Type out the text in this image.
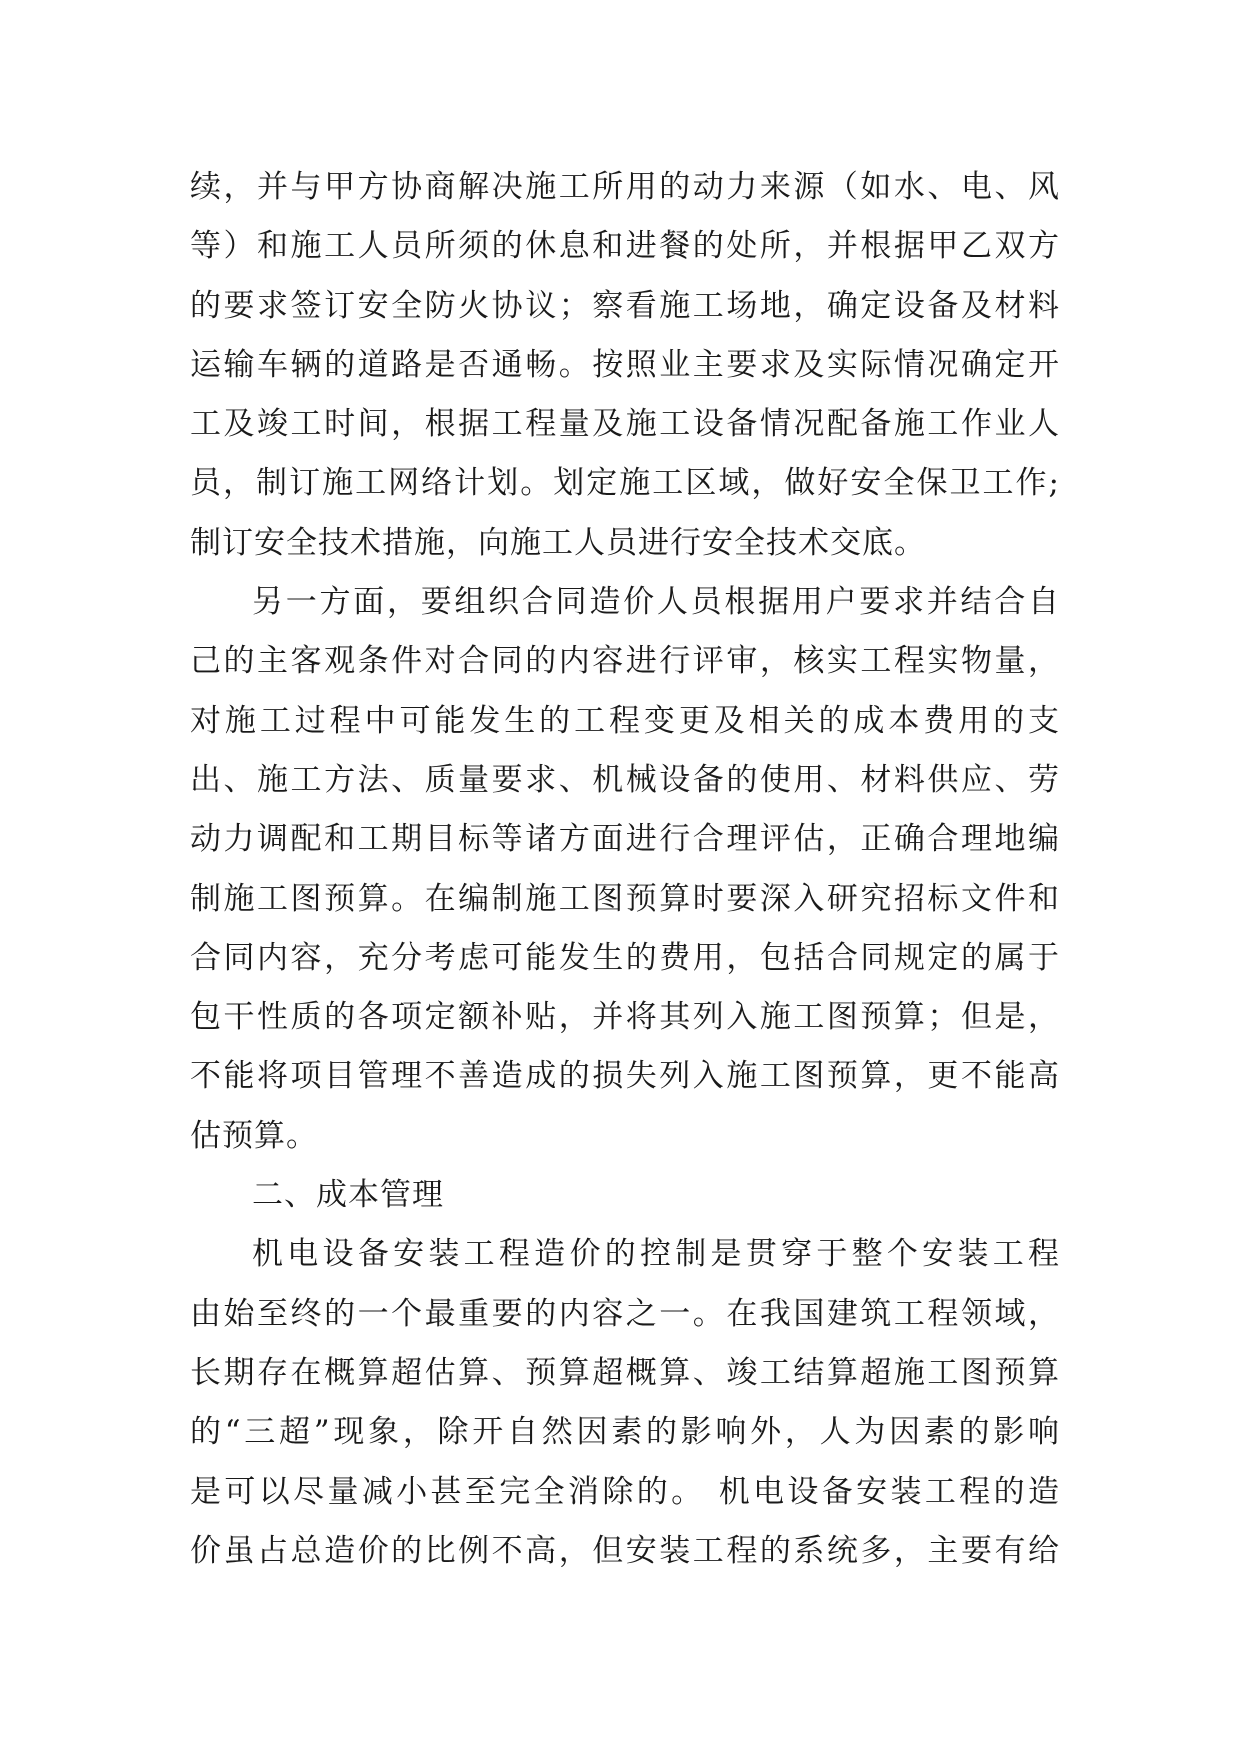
续，并与甲方协商解决施工所用的动力来源（如水、电、风
等）和施工人员所须的休息和进餐的处所，并根据甲乙双方
的要求签订安全防火协议；察看施工场地，确定设备及材料
运输车辆的道路是否通畅。按照业主要求及实际情况确定开
工及竣工时间，根据工程量及施工设备情况配备施工作业人
员，制订施工网络计划。划定施工区域，做好安全保卫工作;
制订安全技术措施，向施工人员进行安全技术交底。
另一方面，要组织合同造价人员根据用户要求并结合自
己的主客观条件对合同的内容进行评审，核实工程实物量，
对施工过程中可能发生的工程变更及相关的成本费用的支
出、施工方法、质量要求、机械设备的使用、材料供应、劳
动力调配和工期目标等诸方面进行合理评估，正确合理地编
制施工图预算。在编制施工图预算时要深入研究招标文件和
合同内容，充分考虑可能发生的费用，包括合同规定的属于
包干性质的各项定额补贴，并将其列入施工图预算；但是，
不能将项目管理不善造成的损失列入施工图预算，更不能高
估预算。
二、成本管理
机电设备安装工程造价的控制是贯穿于整个安装工程
由始至终的一个最重要的内容之一。在我国建筑工程领域，
长期存在概算超估算、预算超概算、竣工结算超施工图预算
的“三超”现象，除开自然因素的影响外，人为因素的影响
是可以尽量减小甚至完全消除的。 机电设备安装工程的造
价虽占总造价的比例不高，但安装工程的系统多，主要有给
